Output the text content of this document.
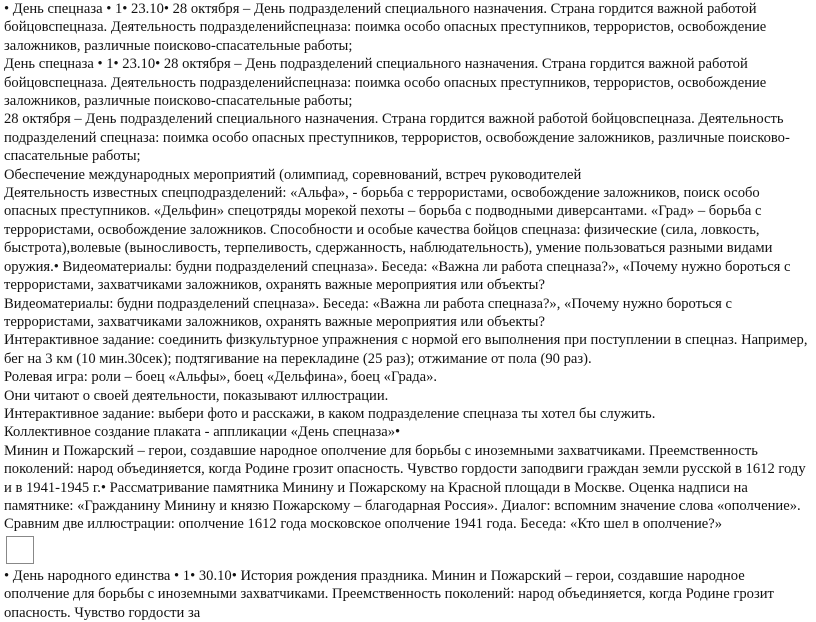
• День спецназа • 1• 23.10• 28 октября – День подразделений специального назначения. Страна гордится важной работой бойцовспецназа. Деятельность подразделенийспецназа: поимка особо опасных преступников, террористов, освобождение заложников, различные поисково-спасательные работы;

День спецназа • 1• 23.10• 28 октября – День подразделений специального назначения. Страна гордится важной работой бойцовспецназа. Деятельность подразделенийспецназа: поимка особо опасных преступников, террористов, освобождение заложников, различные поисково-спасательные работы;

28 октября – День подразделений специального назначения. Страна гордится важной работой бойцовспецназа. Деятельность подразделений спецназа: поимка особо опасных преступников, террористов, освобождение заложников, различные поисково- спасательные работы;

Обеспечение международных мероприятий (олимпиад, соревнований, встреч руководителей

Деятельность известных спецподразделений: «Альфа», - борьба с террористами, освобождение заложников, поиск особо опасных преступников. «Дельфин» спецотряды морекой пехоты – борьба с подводными диверсантами. «Град» – борьба с террористами, освобождение заложников. Способности и особые качества бойцов спецназа: физические (сила, ловкость, быстрота),волевые (выносливость, терпеливость, сдержанность, наблюдательность), умение пользоваться разными видами оружия.• Видеоматериалы: будни подразделений спецназа». Беседа: «Важна ли работа спецназа?», «Почему нужно бороться с террористами, захватчиками заложников, охранять важные мероприятия или объекты?

Видеоматериалы: будни подразделений спецназа». Беседа: «Важна ли работа спецназа?», «Почему нужно бороться с террористами, захватчиками заложников, охранять важные мероприятия или объекты?

Интерактивное задание: соединить физкультурное упражнения с нормой его выполнения при поступлении в спецназ. Например, бег на 3 км (10 мин.30сек); подтягивание на перекладине (25 раз); отжимание от пола (90 раз).

Ролевая игра: роли – боец «Альфы», боец «Дельфина», боец «Града».

Они читают о своей деятельности, показывают иллюстрации.

Интерактивное задание: выбери фото и расскажи, в каком подразделение спецназа ты хотел бы служить.

Коллективное создание плаката - аппликации «День спецназа»•

Минин и Пожарский – герои, создавшие народное ополчение для борьбы с иноземными захватчиками. Преемственность поколений: народ объединяется, когда Родине грозит опасность. Чувство гордости заподвиги граждан земли русской в 1612 году и в 1941-1945 г.• Рассматривание памятника Минину и Пожарскому на Красной площади в Москве. Оценка надписи на памятнике: «Гражданину Минину и князю Пожарскому – благодарная Россия». Диалог: вспомним значение слова «ополчение». Сравним две иллюстрации: ополчение 1612 года московское ополчение 1941 года. Беседа: «Кто шел в ополчение?»

• День народного единства • 1• 30.10• История рождения праздника. Минин и Пожарский – герои, создавшие народное ополчение для борьбы с иноземными захватчиками. Преемственность поколений: народ объединяется, когда Родине грозит опасность. Чувство гордости за
